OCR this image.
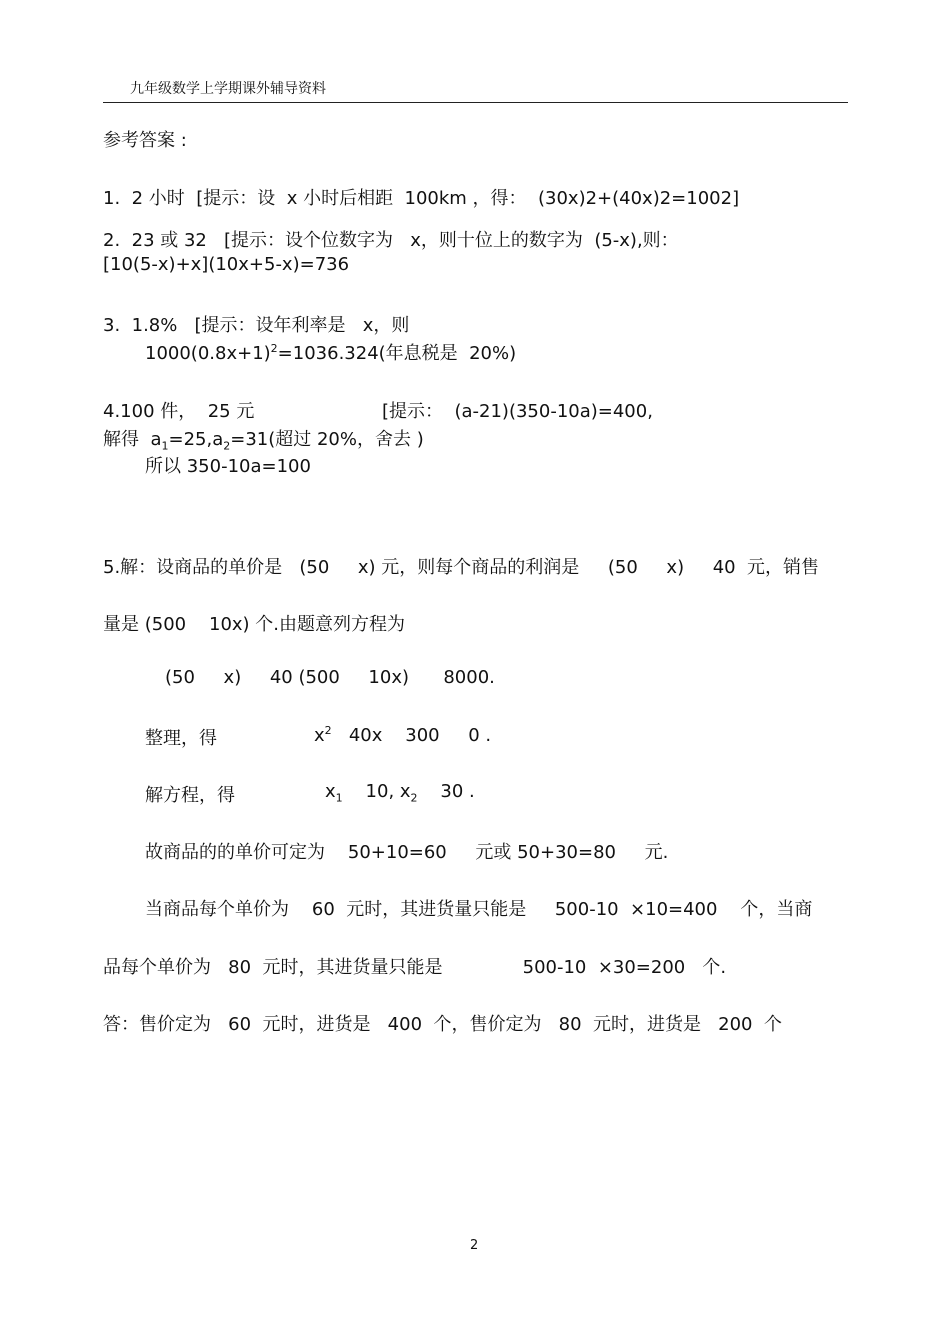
九年级数学上学期课外辅导资料
参考答案 :
1.  2 小时  [提示：设  x 小时后相距  100km ，得：  (30x)2+(40x)2=1002]
2.  23 或 32   [提示：设个位数字为   x，则十位上的数字为  (5-x),则：
[10(5-x)+x](10x+5-x)=736
3.  1.8%   [提示：设年利率是   x，则
$1000(0.8x+1)^2=1036.324$(年息税是  20%)
4.100 件，  25 元	[提示：  (a-21)(350-10a)=400,
解得  $a_1=25,a_2=31$(超过 20%，舍去 )
所以 350-10a=100
5.解：设商品的单价是   (50     x) 元，则每个商品的利润是     (50     x)     40  元，销售
量是 (500    10x) 个.由题意列方程为
(50     x)     40 (500     10x)      8000.
整理，得	$x^2$   40x    300     0 .
解方程，得	$x_1$    10, $x_2$    30 .
故商品的的单价可定为    50+10=60     元或 50+30=80     元.
当商品每个单价为    60  元时，其进货量只能是     500-10  ×10=400    个，当商
品每个单价为   80  元时，其进货量只能是              500-10  ×30=200   个.
答：售价定为   60  元时，进货是   400  个，售价定为   80  元时，进货是   200  个
2
